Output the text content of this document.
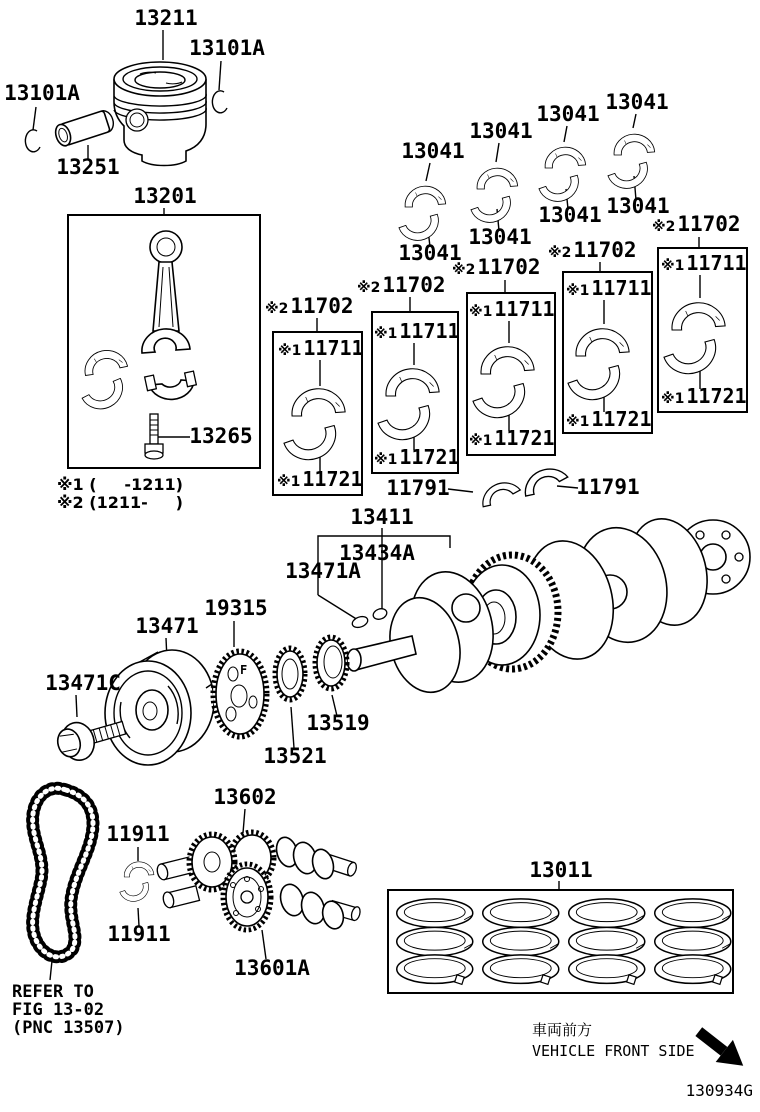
F
13211
13101A
13101A
13251
13201
13265
13041
13041
13041
13041
13041
13041
13041
13041
※211702
※211702
※211702
※211702
※211702
※1 11711
※1 11711
※1 11711
※1 11711
※1 11711
※1 11721
※1 11721
※1 11721
※1 11721
※1 11721
11791	11791
13411
13434A
13471A
13471
19315
13471C
13519
13521
13602
11911
11911
13601A
13011
※1 (     -1211)
※2 (1211-     )
REFER TO
FIG 13-02
(PNC 13507)	車両前方
VEHICLE FRONT SIDE
130934G
